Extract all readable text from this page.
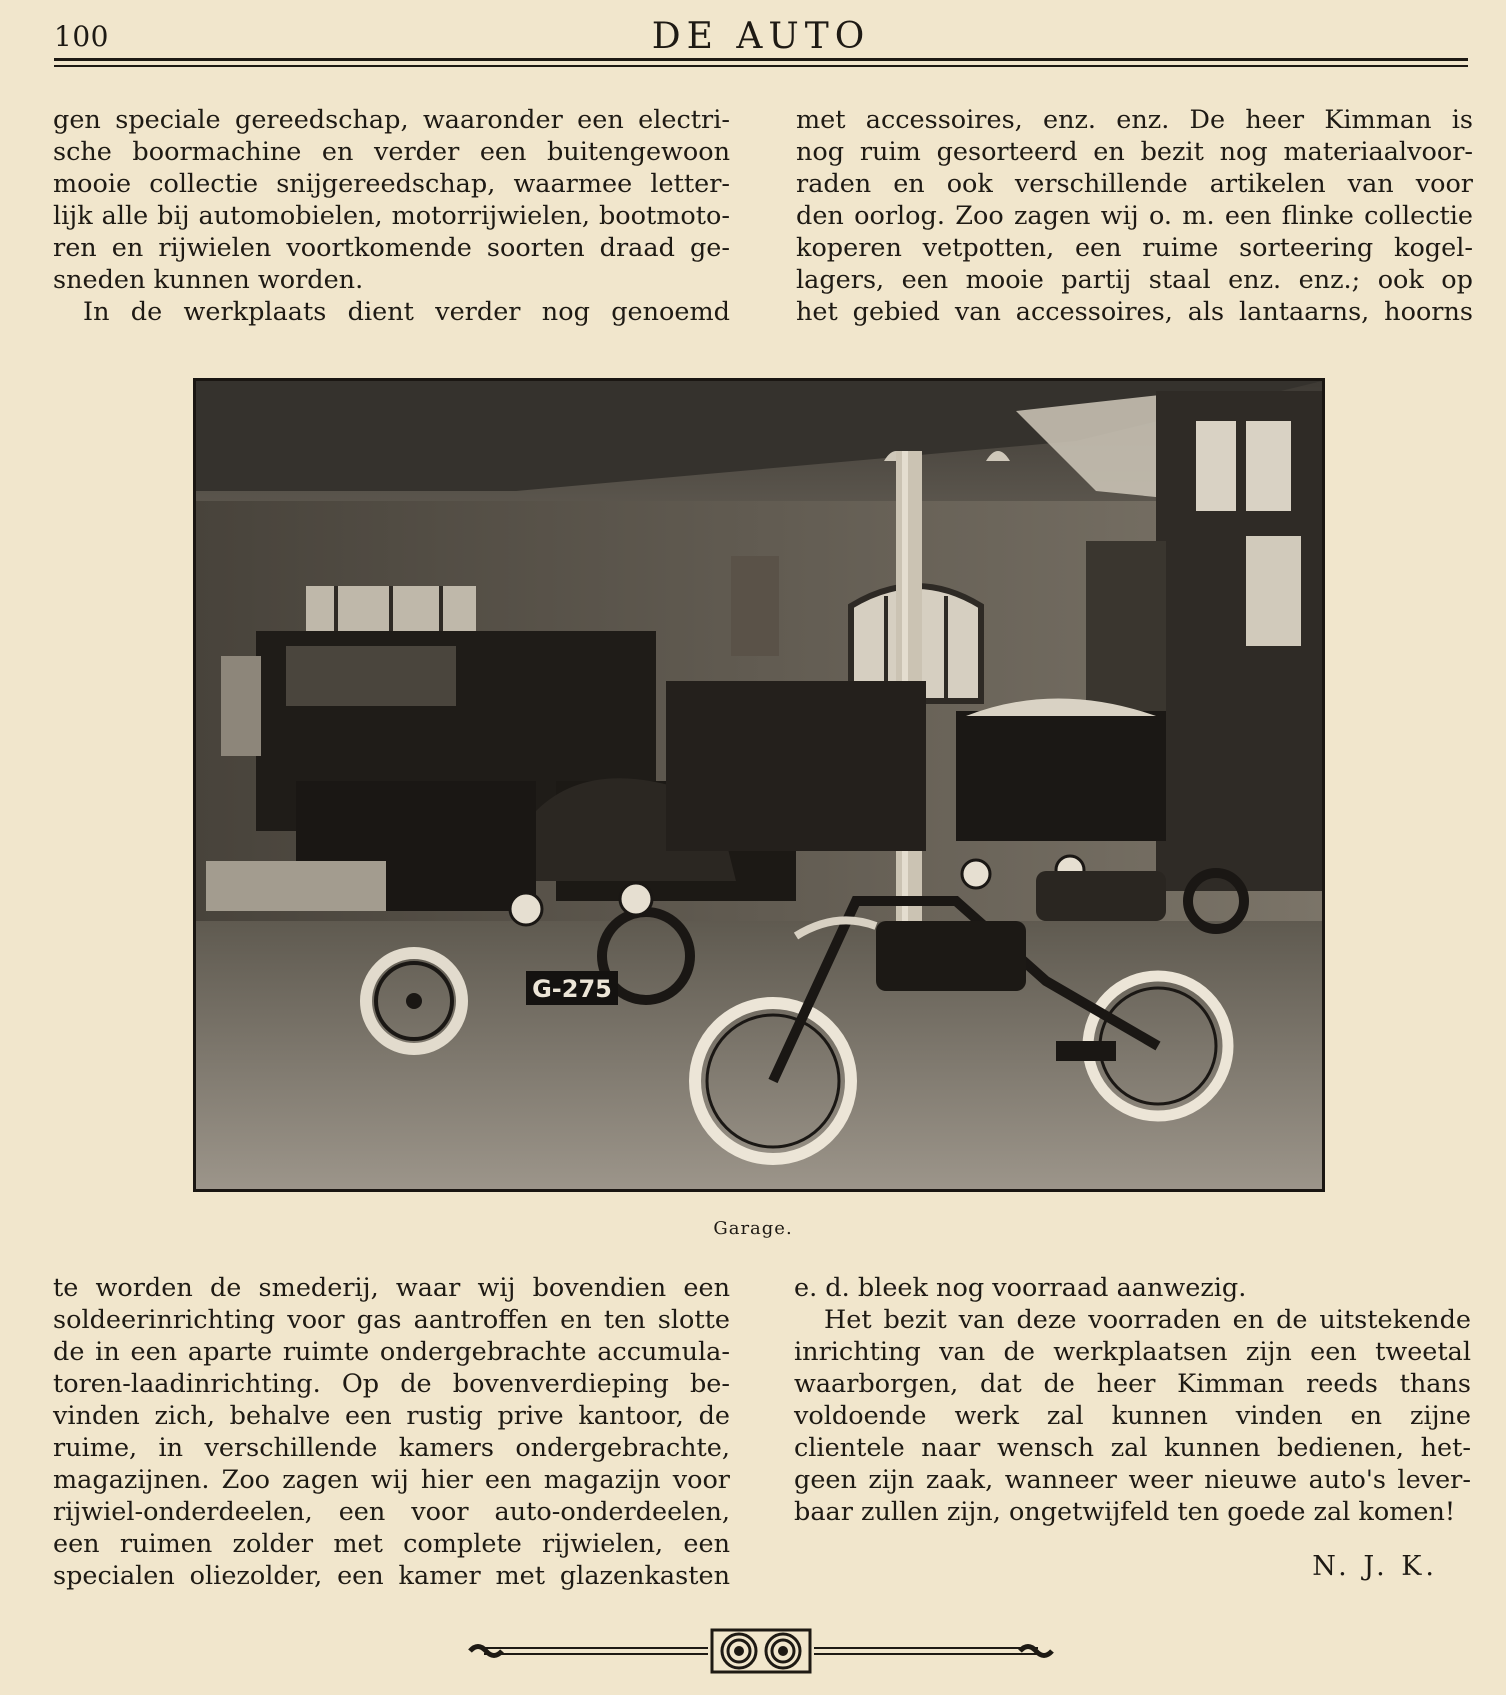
100	DE AUTO
gen speciale gereedschap, waaronder een electri-
sche boormachine en verder een buitengewoon
mooie collectie snijgereedschap, waarmee letter-
lijk alle bij automobielen, motorrijwielen, bootmoto-
ren en rijwielen voortkomende soorten draad ge-
sneden kunnen worden.
In de werkplaats dient verder nog genoemd
met accessoires, enz. enz. De heer Kimman is
nog ruim gesorteerd en bezit nog materiaalvoor-
raden en ook verschillende artikelen van voor
den oorlog. Zoo zagen wij o. m. een flinke collectie
koperen vetpotten, een ruime sorteering kogel-
lagers, een mooie partij staal enz. enz.; ook op
het gebied van accessoires, als lantaarns, hoorns
G-275
Garage.
te worden de smederij, waar wij bovendien een
soldeerinrichting voor gas aantroffen en ten slotte
de in een aparte ruimte ondergebrachte accumula-
toren-laadinrichting. Op de bovenverdieping be-
vinden zich, behalve een rustig prive kantoor, de
ruime, in verschillende kamers ondergebrachte,
magazijnen. Zoo zagen wij hier een magazijn voor
rijwiel-onderdeelen, een voor auto-onderdeelen,
een ruimen zolder met complete rijwielen, een
specialen oliezolder, een kamer met glazenkasten
e. d. bleek nog voorraad aanwezig.
Het bezit van deze voorraden en de uitstekende
inrichting van de werkplaatsen zijn een tweetal
waarborgen, dat de heer Kimman reeds thans
voldoende werk zal kunnen vinden en zijne
clientele naar wensch zal kunnen bedienen, het-
geen zijn zaak, wanneer weer nieuwe auto's lever-
baar zullen zijn, ongetwijfeld ten goede zal komen!
N. J. K.
